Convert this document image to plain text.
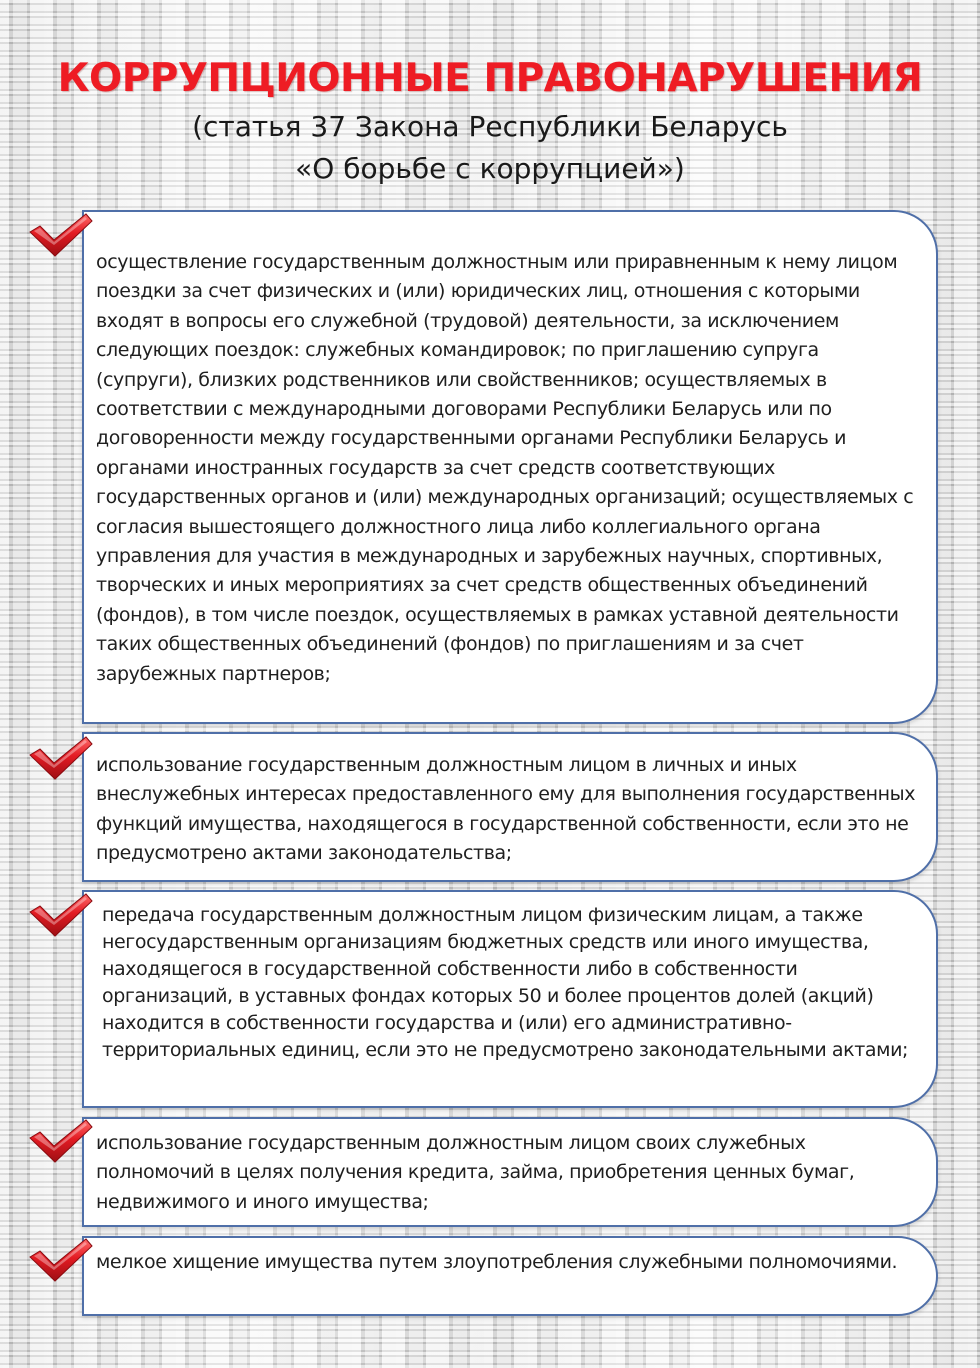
КОРРУПЦИОННЫЕ ПРАВОНАРУШЕНИЯ

(статья 37 Закона Республики Беларусь

«О борьбе с коррупцией»)

осуществление государственным должностным или приравненным к нему лицом поездки за счет физических и (или) юридических лиц, отношения с которыми входят в вопросы его служебной (трудовой) деятельности, за исключением следующих поездок: служебных командировок; по приглашению супруга (супруги), близких родственников или свойственников; осуществляемых в соответствии с международными договорами Республики Беларусь или по договоренности между государственными органами Республики Беларусь и органами иностранных государств за счет средств соответствующих государственных органов и (или) международных организаций; осуществляемых с согласия вышестоящего должностного лица либо коллегиального органа управления для участия в международных и зарубежных научных, спортивных, творческих и иных мероприятиях за счет средств общественных объединений (фондов), в том числе поездок, осуществляемых в рамках уставной деятельности таких общественных объединений (фондов) по приглашениям и за счет зарубежных партнеров;

использование государственным должностным лицом в личных и иных внеслужебных интересах предоставленного ему для выполнения государственных функций имущества, находящегося в государственной собственности, если это не предусмотрено актами законодательства;

передача государственным должностным лицом физическим лицам, а также негосударственным организациям бюджетных средств или иного имущества, находящегося в государственной собственности либо в собственности организаций, в уставных фондах которых 50 и более процентов долей (акций) находится в собственности государства и (или) его административно-территориальных единиц, если это не предусмотрено законодательными актами;

использование государственным должностным лицом своих служебных полномочий в целях получения кредита, займа, приобретения ценных бумаг, недвижимого и иного имущества;

мелкое хищение имущества путем злоупотребления служебными полномочиями.
